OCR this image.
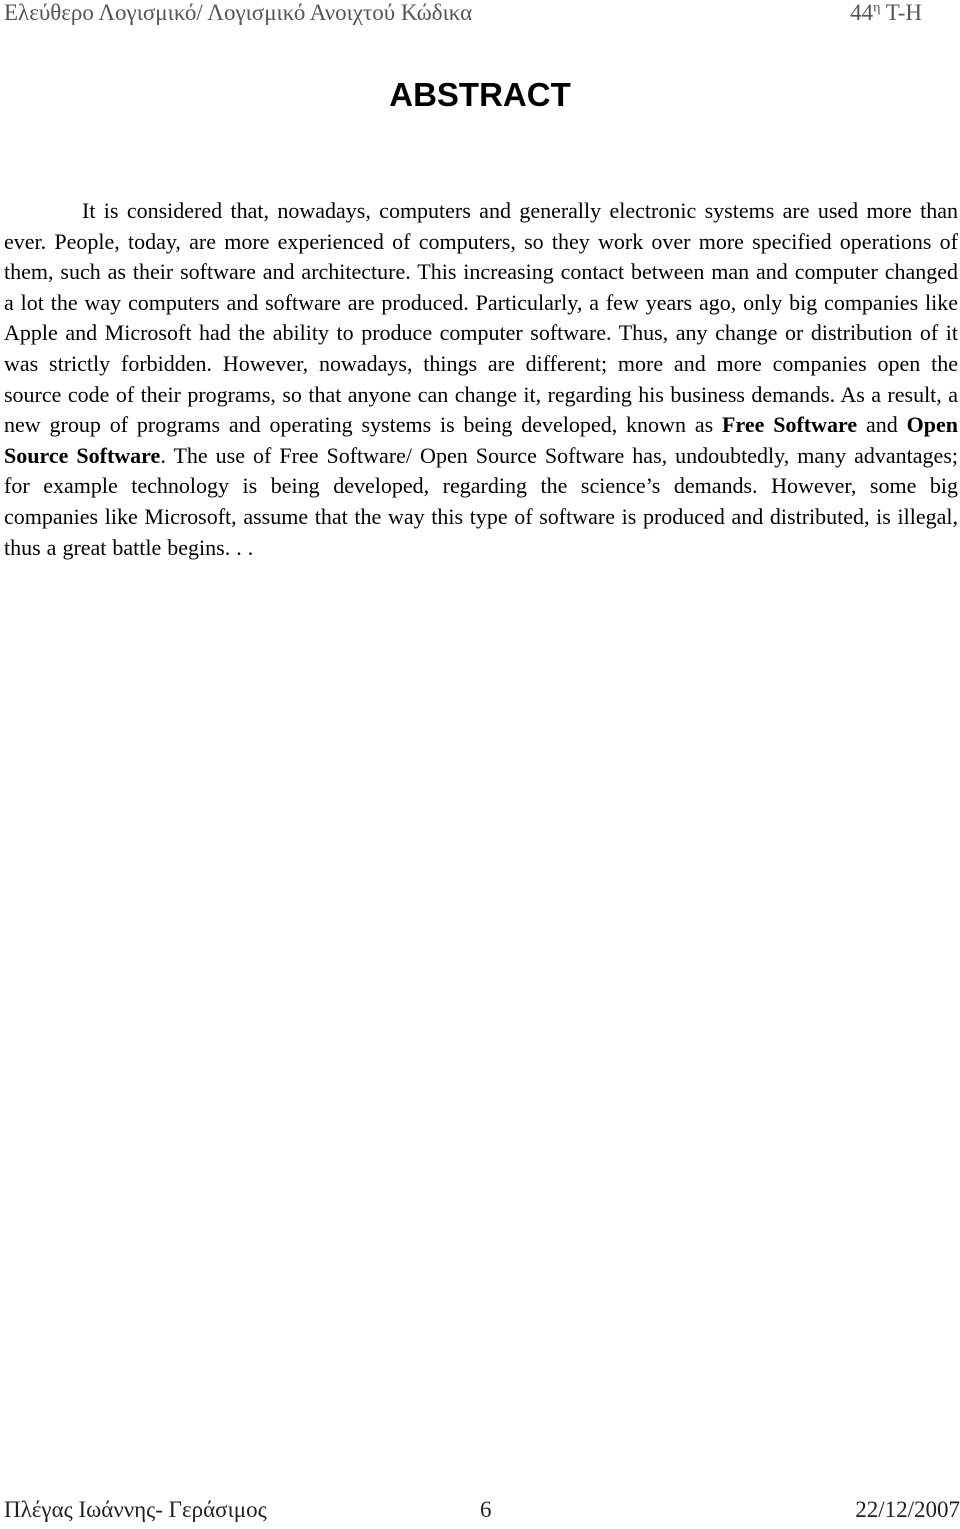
Ελεύθερο Λογισμικό/ Λογισμικό Ανοιχτού Κώδικα	$44^\eta$ Τ-Η
ABSTRACT

It is considered that, nowadays, computers and generally electronic systems are used more than ever. People, today, are more experienced of computers, so they work over more specified operations of them, such as their software and architecture. This increasing contact between man and computer changed a lot the way computers and software are produced. Particularly, a few years ago, only big companies like Apple and Microsoft had the ability to produce computer software. Thus, any change or distribution of it was strictly forbidden. However, nowadays, things are different; more and more companies open the source code of their programs, so that anyone can change it, regarding his business demands. As a result, a new group of programs and operating systems is being developed, known as Free Software and Open Source Software. The use of Free Software/ Open Source Software has, undoubtedly, many advantages; for example technology is being developed, regarding the science’s demands. However, some big companies like Microsoft, assume that the way this type of software is produced and distributed, is illegal, thus a great battle begins. . .

Πλέγας Ιωάννης- Γεράσιμος	6	22/12/2007
